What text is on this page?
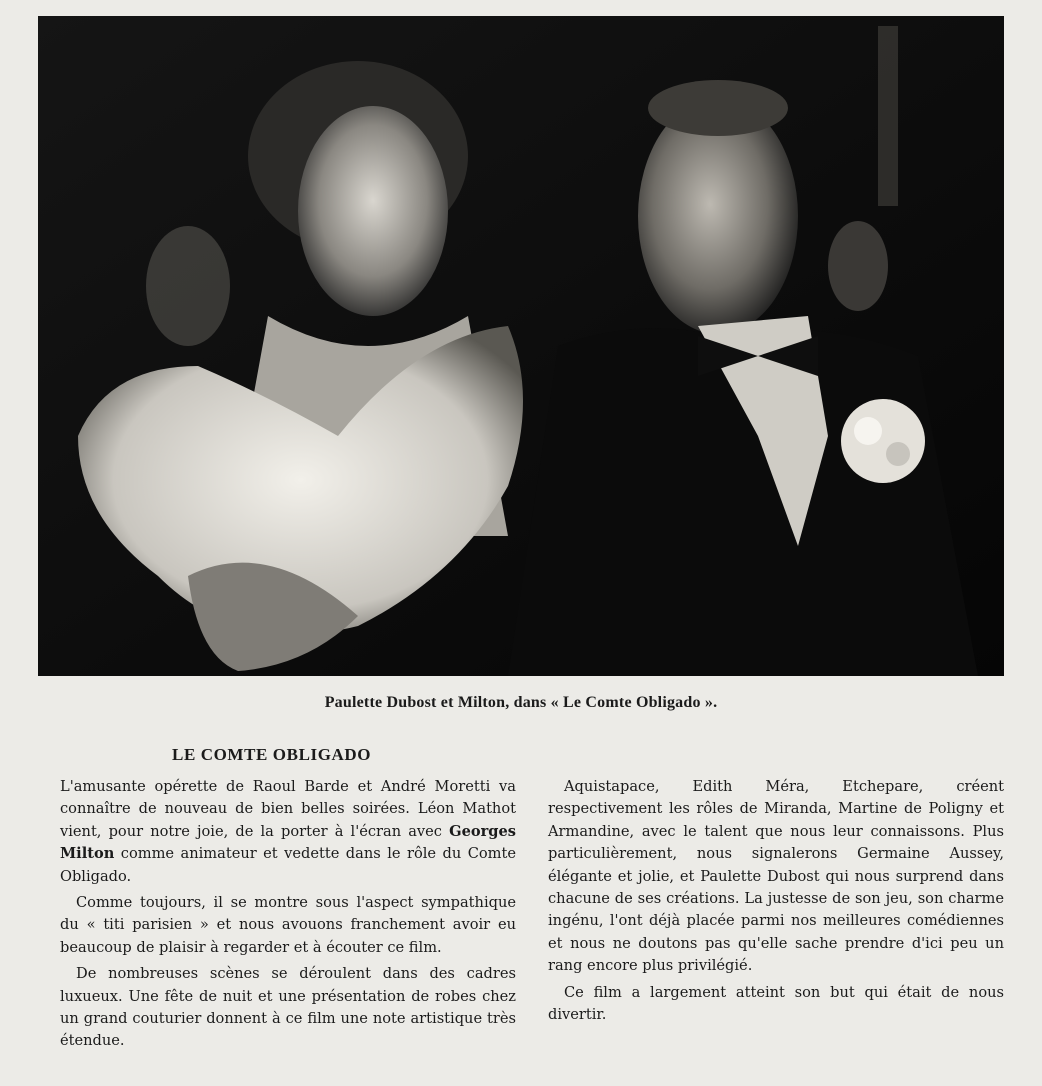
Paulette Dubost et Milton, dans « Le Comte Obligado ».
LE COMTE OBLIGADO

L'amusante opérette de Raoul Barde et André Moretti va connaître de nouveau de bien belles soirées. Léon Mathot vient, pour notre joie, de la porter à l'écran avec Georges Milton comme animateur et vedette dans le rôle du Comte Obligado.

Comme toujours, il se montre sous l'aspect sympathique du « titi parisien » et nous avouons franchement avoir eu beaucoup de plaisir à regarder et à écouter ce film.

De nombreuses scènes se déroulent dans des cadres luxueux. Une fête de nuit et une présentation de robes chez un grand couturier donnent à ce film une note artistique très étendue.

Aquistapace, Edith Méra, Etchepare, créent respectivement les rôles de Miranda, Martine de Poligny et Armandine, avec le talent que nous leur connaissons. Plus particulièrement, nous signalerons Germaine Aussey, élégante et jolie, et Paulette Dubost qui nous surprend dans chacune de ses créations. La justesse de son jeu, son charme ingénu, l'ont déjà placée parmi nos meilleures comédiennes et nous ne doutons pas qu'elle sache prendre d'ici peu un rang encore plus privilégié.

Ce film a largement atteint son but qui était de nous divertir.
